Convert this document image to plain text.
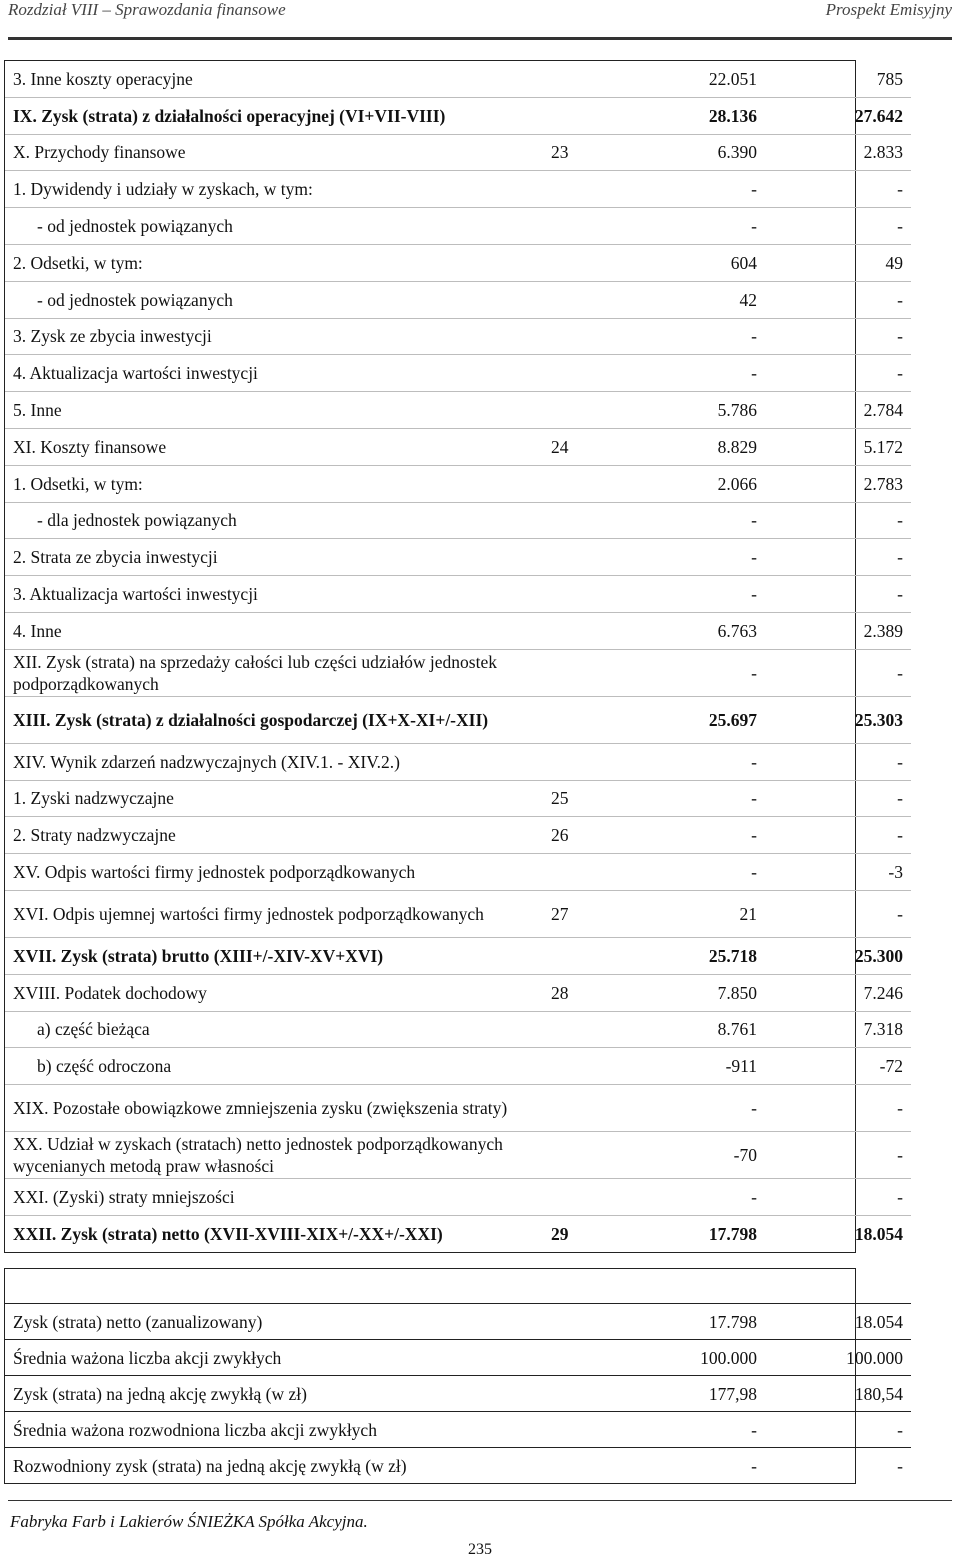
Rozdział VIII – Sprawozdania finansowe	Prospekt Emisyjny
3. Inne koszty operacyjne		22.051	785
IX. Zysk (strata) z działalności operacyjnej (VI+VII-VIII)		28.136	27.642
X. Przychody finansowe	23	6.390	2.833
1. Dywidendy i udziały w zyskach, w tym:		-	-
- od jednostek powiązanych		-	-
2. Odsetki, w tym:		604	49
- od jednostek powiązanych		42	-
3. Zysk ze zbycia inwestycji		-	-
4. Aktualizacja wartości inwestycji		-	-
5. Inne		5.786	2.784
XI. Koszty finansowe	24	8.829	5.172
1. Odsetki, w tym:		2.066	2.783
- dla jednostek powiązanych		-	-
2. Strata ze zbycia inwestycji		-	-
3. Aktualizacja wartości inwestycji		-	-
4. Inne		6.763	2.389
XII. Zysk (strata) na sprzedaży całości lub części udziałów jednostek podporządkowanych		-	-
XIII. Zysk (strata) z działalności gospodarczej (IX+X-XI+/-XII)		25.697	25.303
XIV. Wynik zdarzeń nadzwyczajnych (XIV.1. - XIV.2.)		-	-
1. Zyski nadzwyczajne	25	-	-
2. Straty nadzwyczajne	26	-	-
XV. Odpis wartości firmy jednostek podporządkowanych		-	-3
XVI. Odpis ujemnej wartości firmy jednostek podporządkowanych	27	21	-
XVII. Zysk (strata) brutto (XIII+/-XIV-XV+XVI)		25.718	25.300
XVIII. Podatek dochodowy	28	7.850	7.246
a) część bieżąca		8.761	7.318
b) część odroczona		-911	-72
XIX. Pozostałe obowiązkowe zmniejszenia zysku (zwiększenia straty)		-	-
XX. Udział w zyskach (stratach) netto jednostek podporządkowanych wycenianych metodą praw własności		-70	-
XXI. (Zyski) straty mniejszości		-	-
XXII. Zysk (strata) netto (XVII-XVIII-XIX+/-XX+/-XXI)	29	17.798	18.054

Zysk (strata) netto (zanualizowany)		17.798	18.054
Średnia ważona liczba akcji zwykłych		100.000	100.000
Zysk (strata) na jedną akcję zwykłą (w zł)		177,98	180,54
Średnia ważona rozwodniona liczba akcji zwykłych		-	-
Rozwodniony zysk (strata) na jedną akcję zwykłą (w zł)		-	-
Fabryka Farb i Lakierów ŚNIEŻKA Spółka Akcyjna.
235
